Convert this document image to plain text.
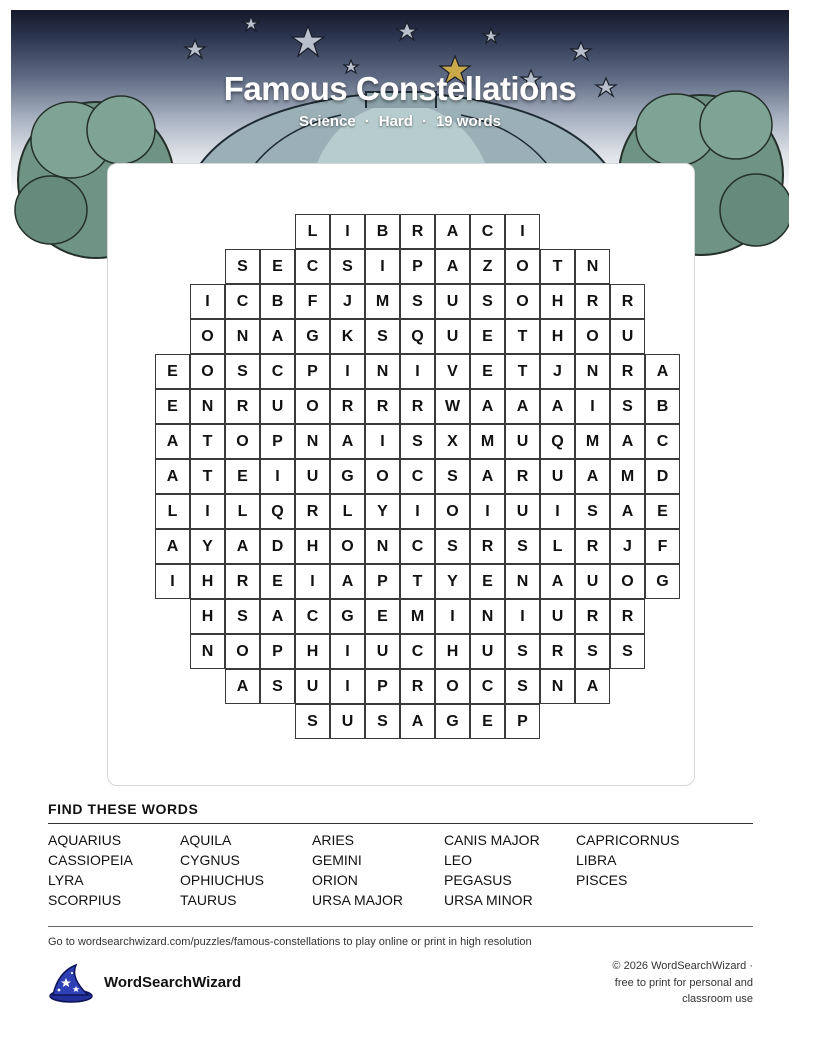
Famous Constellations
Science · Hard · 19 words
L	I	B	R	A	C	I
S	E	C	S	I	P	A	Z	O	T	N
I	C	B	F	J	M	S	U	S	O	H	R	R
O	N	A	G	K	S	Q	U	E	T	H	O	U
E	O	S	C	P	I	N	I	V	E	T	J	N	R	A
E	N	R	U	O	R	R	R	W	A	A	A	I	S	B
A	T	O	P	N	A	I	S	X	M	U	Q	M	A	C
A	T	E	I	U	G	O	C	S	A	R	U	A	M	D
L	I	L	Q	R	L	Y	I	O	I	U	I	S	A	E
A	Y	A	D	H	O	N	C	S	R	S	L	R	J	F
I	H	R	E	I	A	P	T	Y	E	N	A	U	O	G
H	S	A	C	G	E	M	I	N	I	U	R	R
N	O	P	H	I	U	C	H	U	S	R	S	S
A	S	U	I	P	R	O	C	S	N	A
S	U	S	A	G	E	P
FIND THESE WORDS
AQUARIUS	AQUILA	ARIES	CANIS MAJOR	CAPRICORNUS
CASSIOPEIA	CYGNUS	GEMINI	LEO	LIBRA
LYRA	OPHIUCHUS	ORION	PEGASUS	PISCES
SCORPIUS	TAURUS	URSA MAJOR	URSA MINOR
Go to wordsearchwizard.com/puzzles/famous-constellations to play online or print in high resolution
WordSearchWizard
© 2026 WordSearchWizard ·
free to print for personal and
classroom use
